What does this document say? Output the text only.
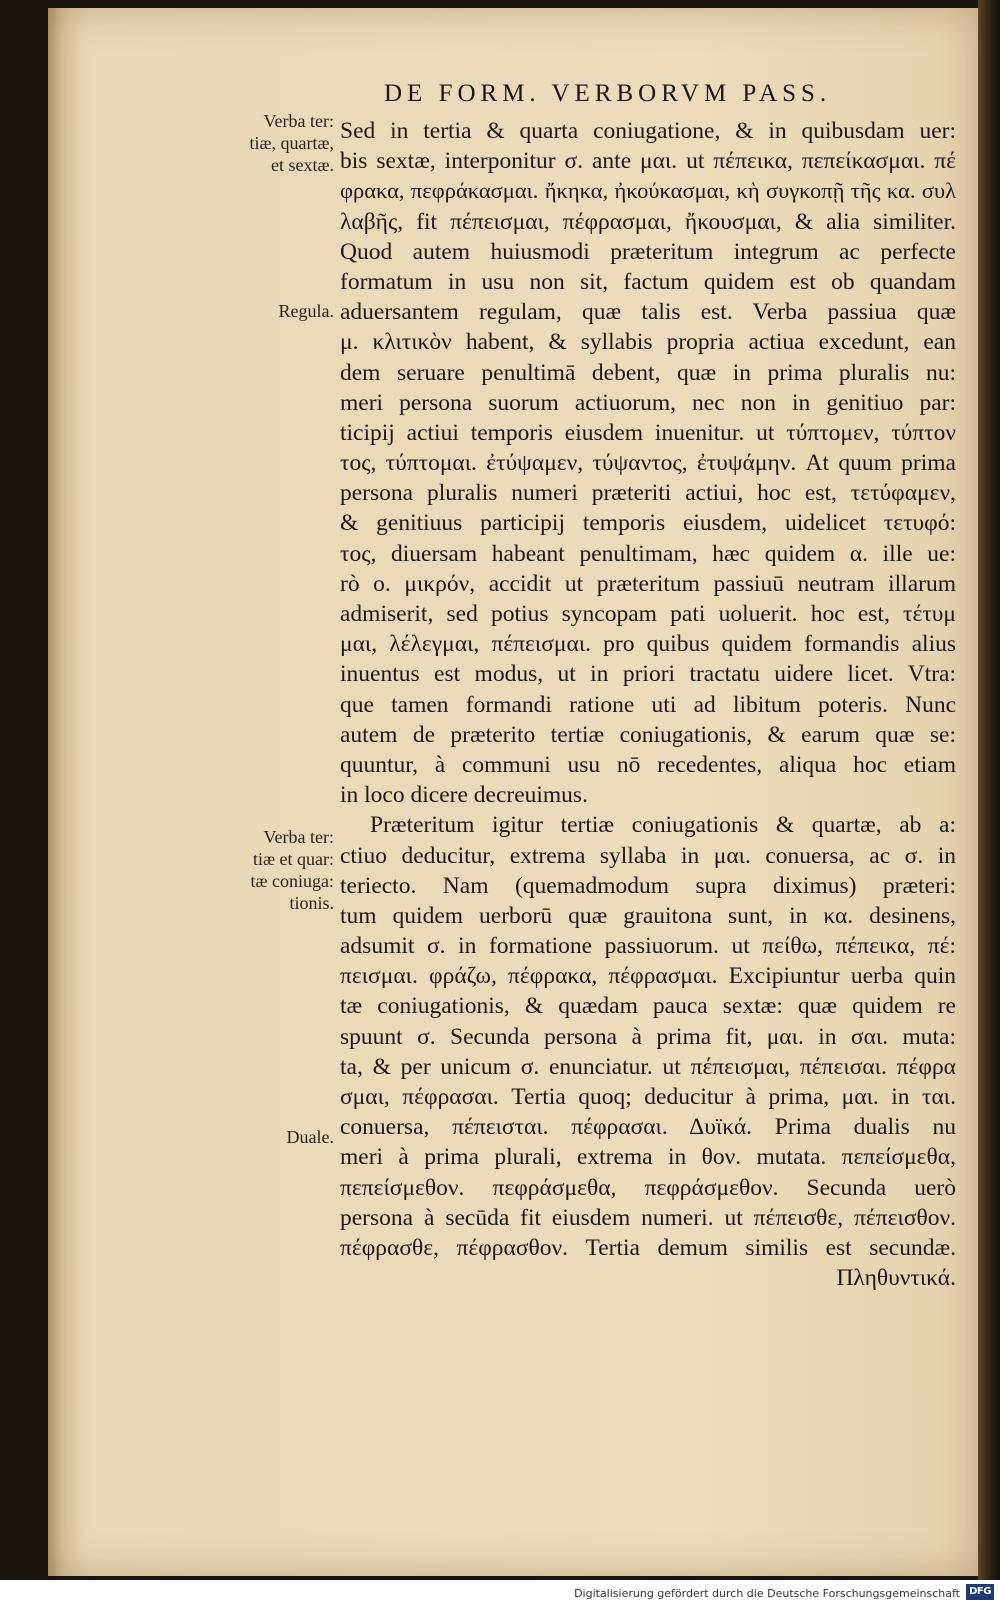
DE FORM. VERBORVM PASS.
Verba ter:
tiæ, quartæ,
et sextæ.
Regula.
Verba ter:
tiæ et quar:
tæ coniuga:
tionis.
Duale.
Sed in tertia & quarta coniugatione, & in quibusdam uer:
bis sextæ, interponitur σ. ante μαι. ut πέπεικα, πεπείκασμαι. πέ
φρακα, πεφράκασμαι. ἤκηκα, ἠκούκασμαι, κὴ συγκοπῇ τῆς κα. συλ
λαβῆς, fit πέπεισμαι, πέφρασμαι, ἤκουσμαι, & alia similiter.
Quod autem huiusmodi præteritum integrum ac perfecte
formatum in usu non sit, factum quidem est ob quandam
aduersantem regulam, quæ talis est. Verba passiua quæ
μ. κλιτικὸν habent, & syllabis propria actiua excedunt, ean
dem seruare penultimā debent, quæ in prima pluralis nu:
meri persona suorum actiuorum, nec non in genitiuo par:
ticipij actiui temporis eiusdem inuenitur. ut τύπτομεν, τύπτον
τος, τύπτομαι. ἐτύψαμεν, τύψαντος, ἐτυψάμην. At quum prima
persona pluralis numeri præteriti actiui, hoc est, τετύφαμεν,
& genitiuus participij temporis eiusdem, uidelicet τετυφό:
τος, diuersam habeant penultimam, hæc quidem α. ille ue:
rò ο. μικρόν, accidit ut præteritum passiuū neutram illarum
admiserit, sed potius syncopam pati uoluerit. hoc est, τέτυμ
μαι, λέλεγμαι, πέπεισμαι. pro quibus quidem formandis alius
inuentus est modus, ut in priori tractatu uidere licet. Vtra:
que tamen formandi ratione uti ad libitum poteris. Nunc
autem de præterito tertiæ coniugationis, & earum quæ se:
quuntur, à communi usu nō recedentes, aliqua hoc etiam
in loco dicere decreuimus.
Præteritum igitur tertiæ coniugationis & quartæ, ab a:
ctiuo deducitur, extrema syllaba in μαι. conuersa, ac σ. in
teriecto. Nam (quemadmodum supra diximus) præteri:
tum quidem uerborū quæ grauitona sunt, in κα. desinens,
adsumit σ. in formatione passiuorum. ut πείθω, πέπεικα, πέ:
πεισμαι. φράζω, πέφρακα, πέφρασμαι. Excipiuntur uerba quin
tæ coniugationis, & quædam pauca sextæ: quæ quidem re
spuunt σ. Secunda persona à prima fit, μαι. in σαι. muta:
ta, & per unicum σ. enunciatur. ut πέπεισμαι, πέπεισαι. πέφρα
σμαι, πέφρασαι. Tertia quoq; deducitur à prima, μαι. in ται.
conuersa, πέπεισται. πέφρασαι. Δυϊκά. Prima dualis nu
meri à prima plurali, extrema in θον. mutata. πεπείσμεθα,
πεπείσμεθον. πεφράσμεθα, πεφράσμεθον. Secunda uerò
persona à secūda fit eiusdem numeri. ut πέπεισθε, πέπεισθον.
πέφρασθε, πέφρασθον. Tertia demum similis est secundæ.
Πληθυντικά.
Digitalisierung gefördert durch die Deutsche Forschungsgemeinschaft DFG
